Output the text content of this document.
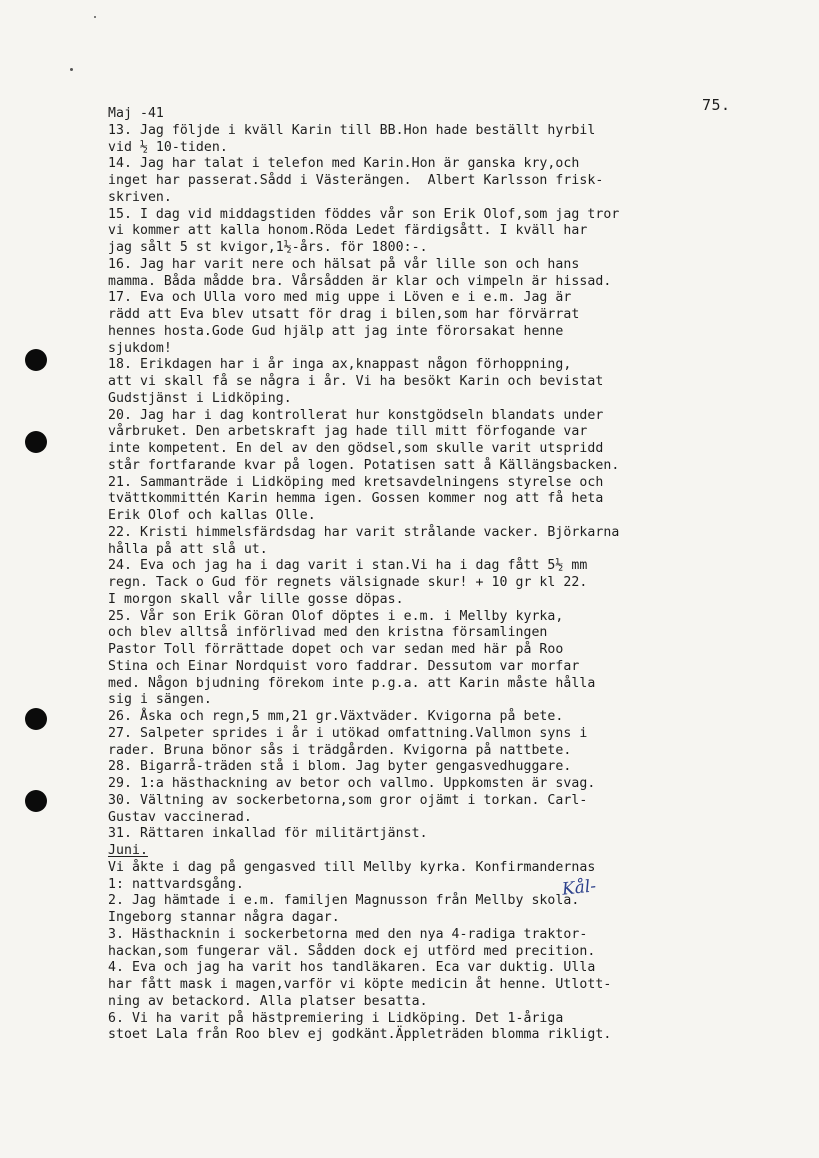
75.
Kål-
Maj -41
13. Jag följde i kväll Karin till BB.Hon hade beställt hyrbil
vid ½ 10-tiden.
14. Jag har talat i telefon med Karin.Hon är ganska kry,och
inget har passerat.Sådd i Västerängen.  Albert Karlsson frisk-
skriven.
15. I dag vid middagstiden föddes vår son Erik Olof,som jag tror
vi kommer att kalla honom.Röda Ledet färdigsått. I kväll har
jag sålt 5 st kvigor,1½-års. för 1800:-.
16. Jag har varit nere och hälsat på vår lille son och hans
mamma. Båda mådde bra. Vårsådden är klar och vimpeln är hissad.
17. Eva och Ulla voro med mig uppe i Löven e i e.m. Jag är
rädd att Eva blev utsatt för drag i bilen,som har förvärrat
hennes hosta.Gode Gud hjälp att jag inte förorsakat henne
sjukdom!
18. Erikdagen har i år inga ax,knappast någon förhoppning,
att vi skall få se några i år. Vi ha besökt Karin och bevistat
Gudstjänst i Lidköping.
20. Jag har i dag kontrollerat hur konstgödseln blandats under
vårbruket. Den arbetskraft jag hade till mitt förfogande var
inte kompetent. En del av den gödsel,som skulle varit utspridd
står fortfarande kvar på logen. Potatisen satt å Källängsbacken.
21. Sammanträde i Lidköping med kretsavdelningens styrelse och
tvättkommittén Karin hemma igen. Gossen kommer nog att få heta
Erik Olof och kallas Olle.
22. Kristi himmelsfärdsdag har varit strålande vacker. Björkarna
hålla på att slå ut.
24. Eva och jag ha i dag varit i stan.Vi ha i dag fått 5½ mm
regn. Tack o Gud för regnets välsignade skur! + 10 gr kl 22.
I morgon skall vår lille gosse döpas.
25. Vår son Erik Göran Olof döptes i e.m. i Mellby kyrka,
och blev alltså införlivad med den kristna församlingen
Pastor Toll förrättade dopet och var sedan med här på Roo
Stina och Einar Nordquist voro faddrar. Dessutom var morfar
med. Någon bjudning förekom inte p.g.a. att Karin måste hålla
sig i sängen.
26. Åska och regn,5 mm,21 gr.Växtväder. Kvigorna på bete.
27. Salpeter sprides i år i utökad omfattning.Vallmon syns i
rader. Bruna bönor sås i trädgården. Kvigorna på nattbete.
28. Bigarrå-träden stå i blom. Jag byter gengasvedhuggare.
29. 1:a hästhackning av betor och vallmo. Uppkomsten är svag.
30. Vältning av sockerbetorna,som gror ojämt i torkan. Carl-
Gustav vaccinerad.
31. Rättaren inkallad för militärtjänst.
Juni.
Vi åkte i dag på gengasved till Mellby kyrka. Konfirmandernas
1: nattvardsgång.
2. Jag hämtade i e.m. familjen Magnusson från Mellby skola.
Ingeborg stannar några dagar.
3. Hästhacknin i sockerbetorna med den nya 4-radiga traktor-
hackan,som fungerar väl. Sådden dock ej utförd med precition.
4. Eva och jag ha varit hos tandläkaren. Eca var duktig. Ulla
har fått mask i magen,varför vi köpte medicin åt henne. Utlott-
ning av betackord. Alla platser besatta.
6. Vi ha varit på hästpremiering i Lidköping. Det 1-åriga
stoet Lala från Roo blev ej godkänt.Äppleträden blomma rikligt.
